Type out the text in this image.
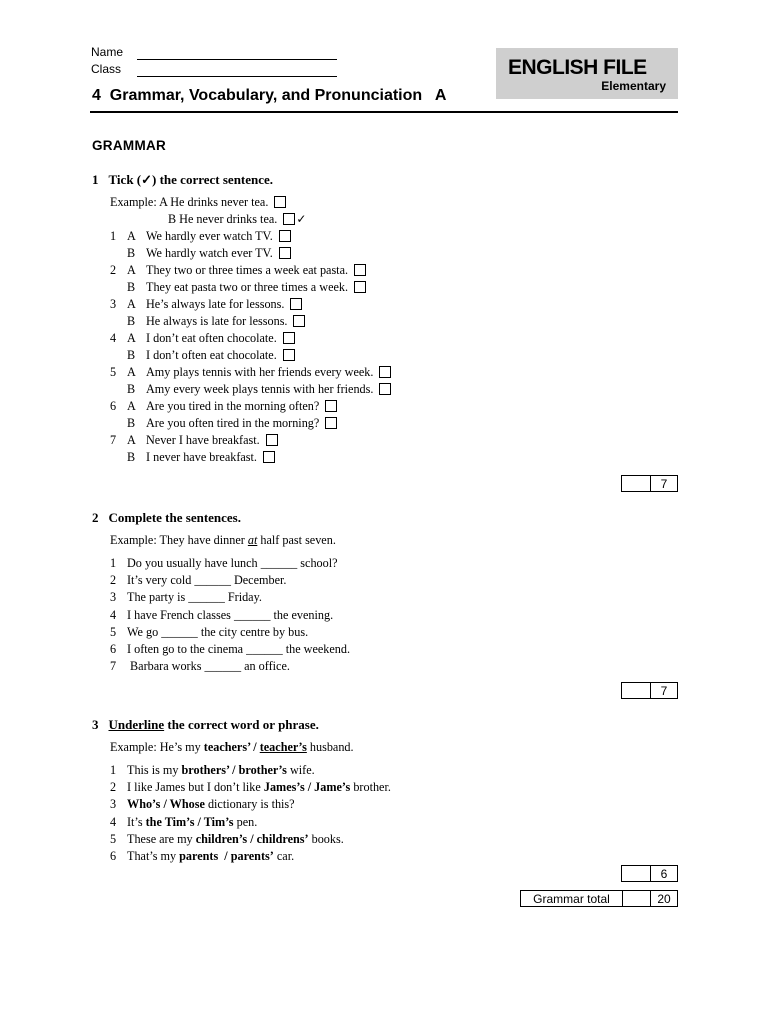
Name
Class
4  Grammar, Vocabulary, and Pronunciation   A
ENGLISH FILE
Elementary
GRAMMAR
1 Tick (✓) the correct sentence.
Example: A He drinks never tea.
B He never drinks tea. ✓
1 A We hardly ever watch TV.
B We hardly watch ever TV.
2 A They two or three times a week eat pasta.
B They eat pasta two or three times a week.
3 A He’s always late for lessons.
B He always is late for lessons.
4 A I don’t eat often chocolate.
B I don’t often eat chocolate.
5 A Amy plays tennis with her friends every week.
B Amy every week plays tennis with her friends.
6 A Are you tired in the morning often?
B Are you often tired in the morning?
7 A Never I have breakfast.
B I never have breakfast.
7
2 Complete the sentences.
Example: They have dinner at half past seven.
1 Do you usually have lunch ______ school?
2 It’s very cold ______ December.
3 The party is ______ Friday.
4 I have French classes ______ the evening.
5 We go ______ the city centre by bus.
6 I often go to the cinema ______ the weekend.
7 Barbara works ______ an office.
7
3 Underline the correct word or phrase.
Example: He’s my teachers’ / teacher’s husband.
1 This is my brothers’ / brother’s wife.
2 I like James but I don’t like James’s / Jame’s brother.
3 Who’s / Whose dictionary is this?
4 It’s the Tim’s / Tim’s pen.
5 These are my children’s / childrens’ books.
6 That’s my parents  / parents’ car.
6
Grammar total	20
